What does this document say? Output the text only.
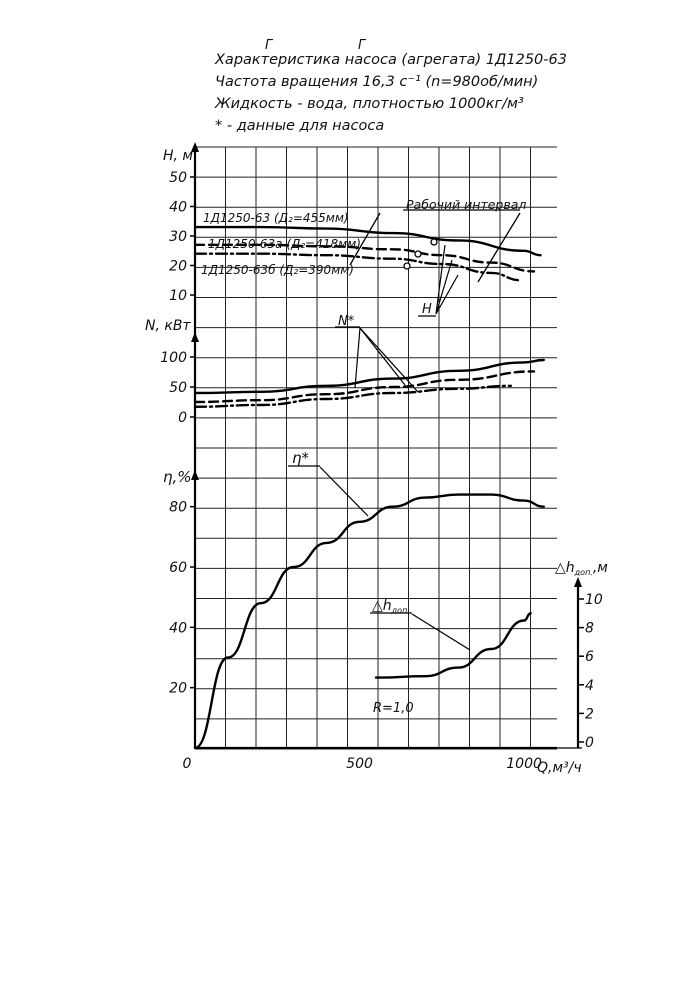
Г	Г
Характеристика насоса (агрегата) 1Д1250-63
Частота вращения 16,3 с⁻¹ (n=980об/мин)
Жидкость - вода, плотностью 1000кг/м³
* - данные для насоса
10
20
30
40
50
0
50
100
20
40
60
80
0
2
4
6
8
10
0	500	1000
H, м
N, кВт
η,%
$\triangle h_{доп.},м$
Q,м³/ч
1Д1250-63 (Д₂=455мм)
1Д1250-63а (Д₂=418мм)
1Д1250-63б (Д₂=390мм)
Рабочий интервал
H
N*
η*
$\triangle h_{доп.}$
R=1,0
